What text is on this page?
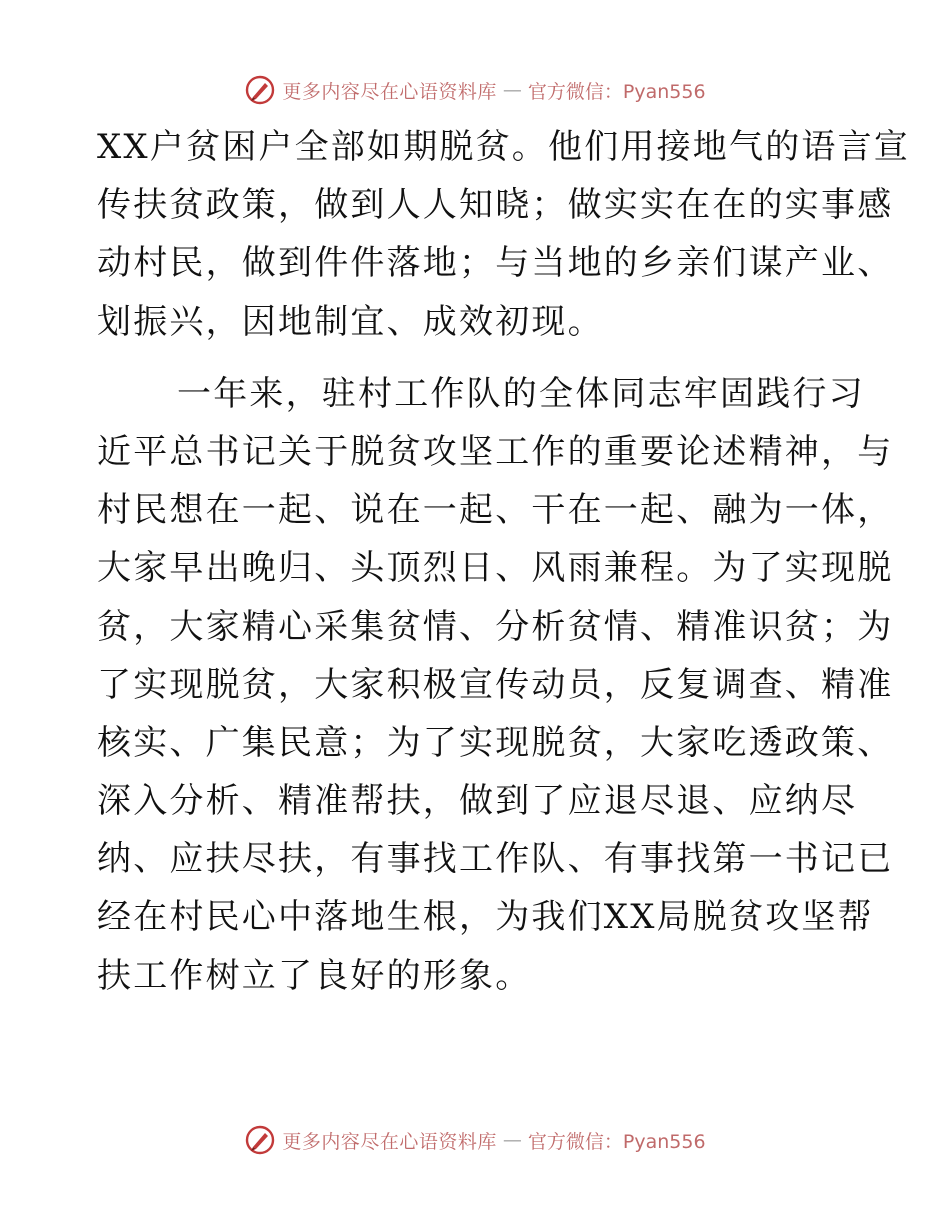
更多内容尽在心语资料库 — 官方微信：Pyan556
XX户贫困户全部如期脱贫。他们用接地气的语言宣
传扶贫政策，做到人人知晓；做实实在在的实事感
动村民，做到件件落地；与当地的乡亲们谋产业、
划振兴，因地制宜、成效初现。
一年来，驻村工作队的全体同志牢固践行习
近平总书记关于脱贫攻坚工作的重要论述精神，与
村民想在一起、说在一起、干在一起、融为一体，
大家早出晚归、头顶烈日、风雨兼程。为了实现脱
贫，大家精心采集贫情、分析贫情、精准识贫；为
了实现脱贫，大家积极宣传动员，反复调查、精准
核实、广集民意；为了实现脱贫，大家吃透政策、
深入分析、精准帮扶，做到了应退尽退、应纳尽
纳、应扶尽扶，有事找工作队、有事找第一书记已
经在村民心中落地生根，为我们XX局脱贫攻坚帮
扶工作树立了良好的形象。
更多内容尽在心语资料库 — 官方微信：Pyan556
